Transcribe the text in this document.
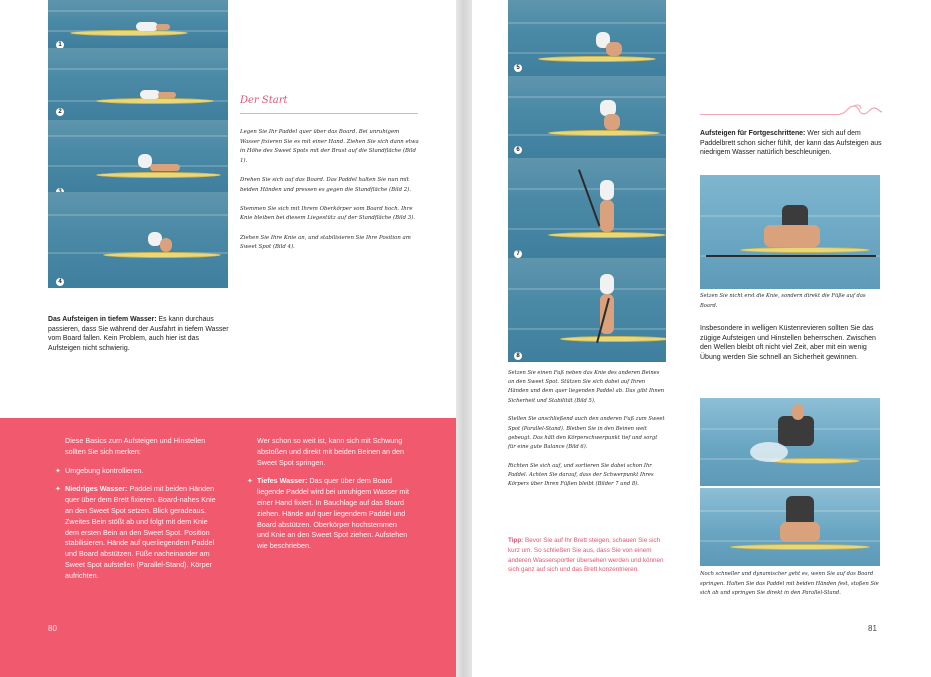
1
2
3
4
Der Start

Legen Sie Ihr Paddel quer über das Board. Bei unruhigem Wasser fixieren Sie es mit einer Hand. Ziehen Sie sich dann etwa in Höhe des Sweet Spots mit der Brust auf die Standfläche (Bild 1).

Drehen Sie sich auf das Board. Das Paddel halten Sie nun mit beiden Händen und pressen es gegen die Standfläche (Bild 2).

Stemmen Sie sich mit Ihrem Oberkörper vom Board hoch. Ihre Knie bleiben bei diesem Liegestütz auf der Standfläche (Bild 3).

Ziehen Sie Ihre Knie an, und stabilisieren Sie Ihre Position am Sweet Spot (Bild 4).

Das Aufsteigen in tiefem Wasser: Es kann durchaus passieren, dass Sie während der Ausfahrt in tiefem Wasser vom Board fallen. Kein Problem, auch hier ist das Aufsteigen nicht schwierig.
Diese Basics zum Aufsteigen und Hinstellen sollten Sie sich merken:
✦ Umgebung kontrollieren.
✦ Niedriges Wasser: Paddel mit beiden Händen quer über dem Brett fixieren. Board-nahes Knie an den Sweet Spot setzen. Blick geradeaus. Zweites Bein stößt ab und folgt mit dem Knie dem ersten Bein an den Sweet Spot. Position stabilisieren. Hände auf querliegendem Paddel und Board abstützen. Füße nacheinander am Sweet Spot aufstellen (Parallel-Stand). Körper aufrichten.
Wer schon so weit ist, kann sich mit Schwung abstoßen und direkt mit beiden Beinen an den Sweet Spot springen.
✦ Tiefes Wasser: Das quer über dem Board liegende Paddel wird bei unruhigem Wasser mit einer Hand fixiert. In Bauchlage auf das Board ziehen. Hände auf quer liegendem Paddel und Board abstützen. Oberkörper hochstemmen und Knie an den Sweet Spot ziehen. Aufstehen wie beschrieben.
80
5
6
7
8

Setzen Sie einen Fuß neben das Knie des anderen Beines an den Sweet Spot. Stützen Sie sich dabei auf Ihren Händen und dem quer liegenden Paddel ab. Das gibt Ihnen Sicherheit und Stabilität (Bild 5).

Stellen Sie anschließend auch den anderen Fuß zum Sweet Spot (Parallel-Stand). Bleiben Sie in den Beinen weit gebeugt. Das hält den Körperschwerpunkt tief und sorgt für eine gute Balance (Bild 6).

Richten Sie sich auf, und sortieren Sie dabei schon Ihr Paddel. Achten Sie darauf, dass der Schwerpunkt Ihres Körpers über Ihren Füßen bleibt (Bilder 7 und 8).

Tipp: Bevor Sie auf Ihr Brett steigen, schauen Sie sich kurz um. So schließen Sie aus, dass Sie von einem anderen Wassersportler übersehen werden und können sich ganz auf sich und das Brett konzentrieren.
Aufsteigen für Fortgeschrittene: Wer sich auf dem Paddelbrett schon sicher fühlt, der kann das Aufsteigen aus niedrigem Wasser natürlich beschleunigen.
Setzen Sie nicht erst die Knie, sondern direkt die Füße auf das Board.
Insbesondere in welligen Küstenrevieren sollten Sie das zügige Aufsteigen und Hinstellen beherrschen. Zwischen den Wellen bleibt oft nicht viel Zeit, aber mit ein wenig Übung werden Sie schnell an Sicherheit gewinnen.
Noch schneller und dynamischer geht es, wenn Sie auf das Board springen. Halten Sie das Paddel mit beiden Händen fest, stoßen Sie sich ab und springen Sie direkt in den Parallel-Stand.
81
